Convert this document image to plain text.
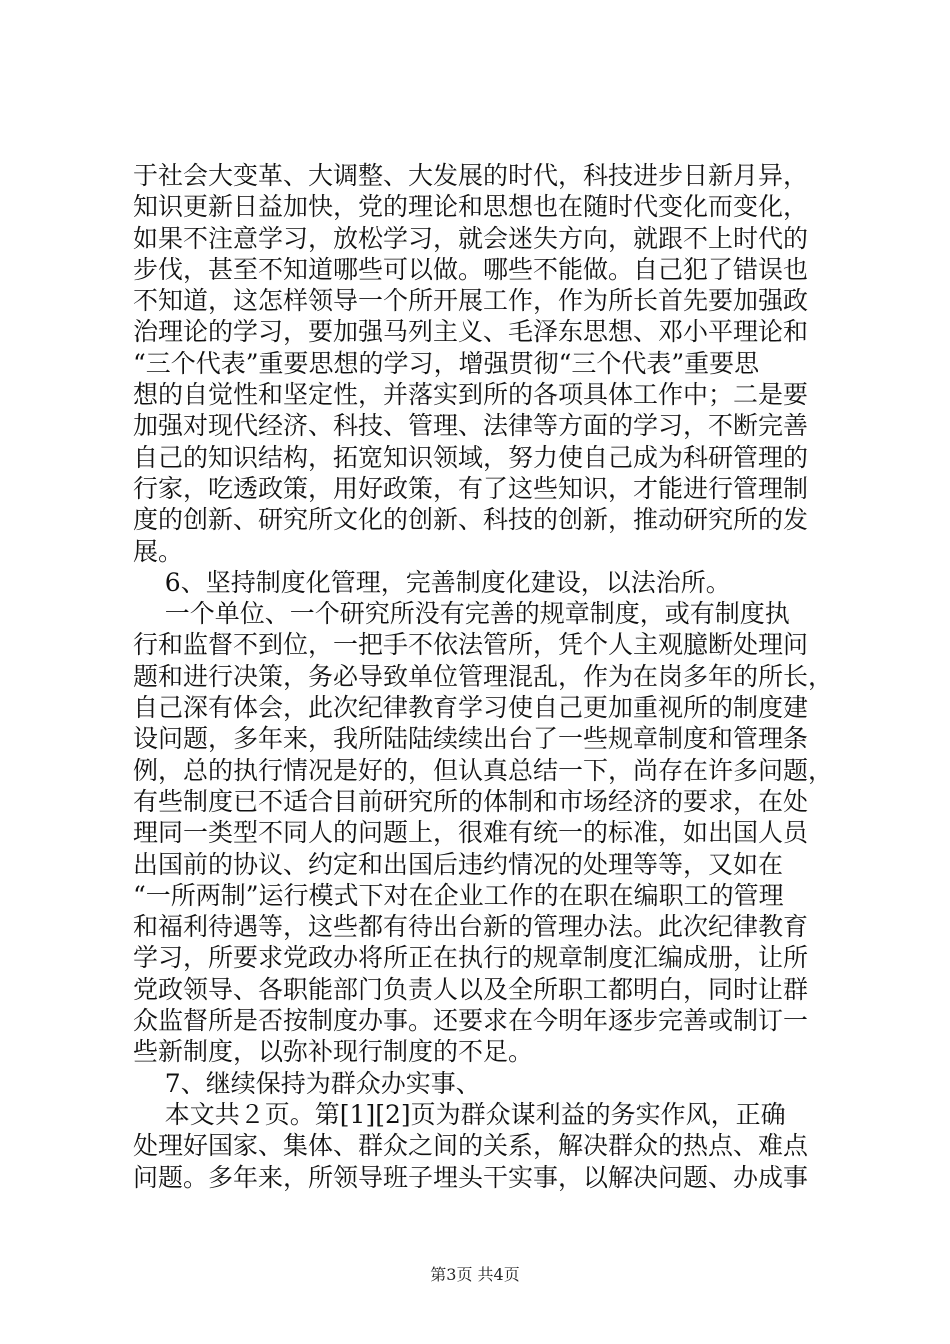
于社会大变革、大调整、大发展的时代，科技进步日新月异，
知识更新日益加快，党的理论和思想也在随时代变化而变化，
如果不注意学习，放松学习，就会迷失方向，就跟不上时代的
步伐，甚至不知道哪些可以做。哪些不能做。自己犯了错误也
不知道，这怎样领导一个所开展工作，作为所长首先要加强政
治理论的学习，要加强马列主义、毛泽东思想、邓小平理论和
“三个代表”重要思想的学习，增强贯彻“三个代表”重要思
想的自觉性和坚定性，并落实到所的各项具体工作中；二是要
加强对现代经济、科技、管理、法律等方面的学习，不断完善
自己的知识结构，拓宽知识领域，努力使自己成为科研管理的
行家，吃透政策，用好政策，有了这些知识，才能进行管理制
度的创新、研究所文化的创新、科技的创新，推动研究所的发
展。
6、坚持制度化管理，完善制度化建设，以法治所。
一个单位、一个研究所没有完善的规章制度，或有制度执
行和监督不到位，一把手不依法管所，凭个人主观臆断处理问
题和进行决策，务必导致单位管理混乱，作为在岗多年的所长，
自己深有体会，此次纪律教育学习使自己更加重视所的制度建
设问题，多年来，我所陆陆续续出台了一些规章制度和管理条
例，总的执行情况是好的，但认真总结一下，尚存在许多问题，
有些制度已不适合目前研究所的体制和市场经济的要求，在处
理同一类型不同人的问题上，很难有统一的标准，如出国人员
出国前的协议、约定和出国后违约情况的处理等等，又如在
“一所两制”运行模式下对在企业工作的在职在编职工的管理
和福利待遇等，这些都有待出台新的管理办法。此次纪律教育
学习，所要求党政办将所正在执行的规章制度汇编成册，让所
党政领导、各职能部门负责人以及全所职工都明白，同时让群
众监督所是否按制度办事。还要求在今明年逐步完善或制订一
些新制度，以弥补现行制度的不足。
7、继续保持为群众办实事、
本文共２页。第[1][2]页为群众谋利益的务实作风，正确
处理好国家、集体、群众之间的关系，解决群众的热点、难点
问题。多年来，所领导班子埋头干实事，以解决问题、办成事
第3页 共4页
